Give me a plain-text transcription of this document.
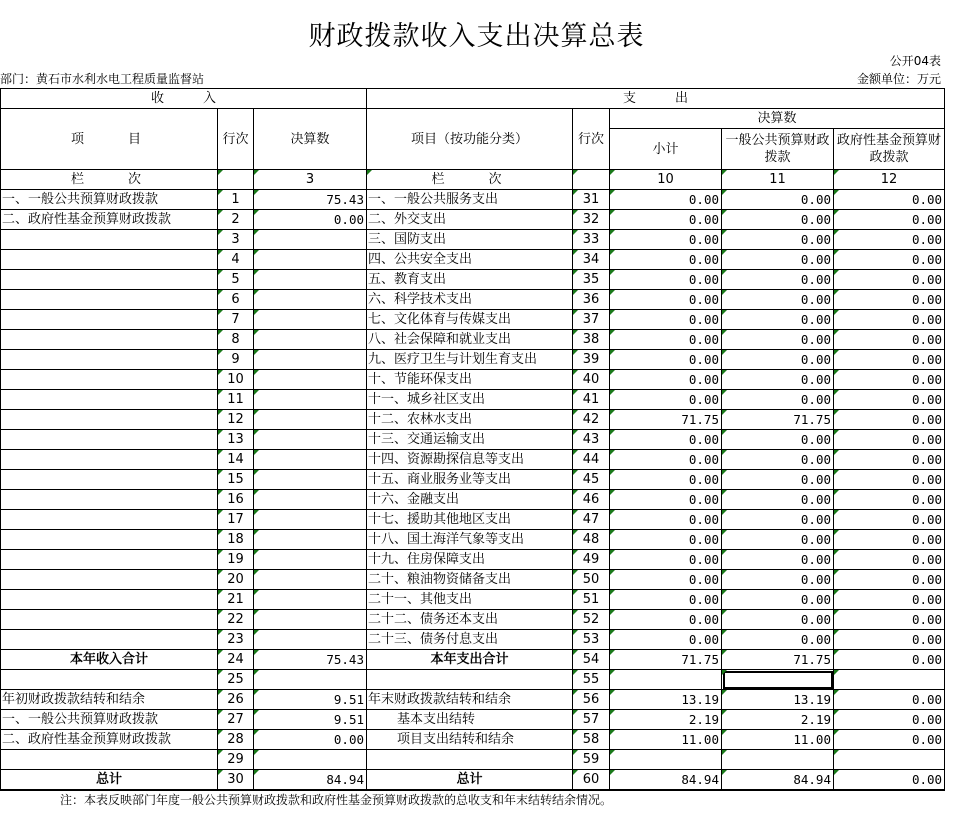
财政拨款收入支出决算总表
公开04表
部门：黄石市水利水电工程质量监督站	金额单位：万元
收　　　入			支　　　出				
项　　目	行次	决算数	项目（按功能分类）	行次	决算数		
					小计	一般公共预算财政拨款	政府性基金预算财政拨款
栏　　次		3	栏　　次		10	11	12
一、一般公共预算财政拨款	1	75.43	一、一般公共服务支出	31	0.00	0.00	0.00
二、政府性基金预算财政拨款	2	0.00	二、外交支出	32	0.00	0.00	0.00
	3		三、国防支出	33	0.00	0.00	0.00
	4		四、公共安全支出	34	0.00	0.00	0.00
	5		五、教育支出	35	0.00	0.00	0.00
	6		六、科学技术支出	36	0.00	0.00	0.00
	7		七、文化体育与传媒支出	37	0.00	0.00	0.00
	8		八、社会保障和就业支出	38	0.00	0.00	0.00
	9		九、医疗卫生与计划生育支出	39	0.00	0.00	0.00
	10		十、节能环保支出	40	0.00	0.00	0.00
	11		十一、城乡社区支出	41	0.00	0.00	0.00
	12		十二、农林水支出	42	71.75	71.75	0.00
	13		十三、交通运输支出	43	0.00	0.00	0.00
	14		十四、资源勘探信息等支出	44	0.00	0.00	0.00
	15		十五、商业服务业等支出	45	0.00	0.00	0.00
	16		十六、金融支出	46	0.00	0.00	0.00
	17		十七、援助其他地区支出	47	0.00	0.00	0.00
	18		十八、国土海洋气象等支出	48	0.00	0.00	0.00
	19		十九、住房保障支出	49	0.00	0.00	0.00
	20		二十、粮油物资储备支出	50	0.00	0.00	0.00
	21		二十一、其他支出	51	0.00	0.00	0.00
	22		二十二、债务还本支出	52	0.00	0.00	0.00
	23		二十三、债务付息支出	53	0.00	0.00	0.00
本年收入合计	24	75.43	本年支出合计	54	71.75	71.75	0.00
	25			55			
年初财政拨款结转和结余	26	9.51	年末财政拨款结转和结余	56	13.19	13.19	0.00
一、一般公共预算财政拨款	27	9.51	基本支出结转	57	2.19	2.19	0.00
二、政府性基金预算财政拨款	28	0.00	项目支出结转和结余	58	11.00	11.00	0.00
	29			59			
总计	30	84.94	总计	60	84.94	84.94	0.00
注：本表反映部门年度一般公共预算财政拨款和政府性基金预算财政拨款的总收支和年末结转结余情况。
